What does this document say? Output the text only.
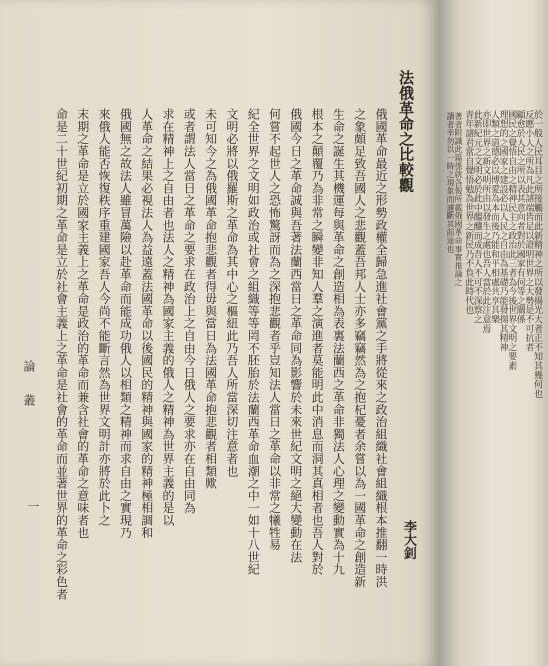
俄國革命最近之形勢政權全歸急進社會黨之手將從來之政治組織社會組織根本推翻一時洪
之象頗足致吾國人之悲觀蓋吾邦人士亦多竊竊然為之抱杞憂者余嘗以為一國革命之創造新
生命之誕生其機運每與革命之創造相為表裏法蘭西之革命非獨法人心理之變動實為十九
根本之顛覆乃為非常之瞬變非知人羣之演進者莫能明此中消息而洞其真相者也吾人對於
俄國今日之革命誠與吾著法蘭西當日之革命同為影響於未來世紀文明之絕大變動在法
何嘗不起世人之恐怖驚訝而為之深抱悲觀者乎豈知法人當日之革命以非常之犧牲易
紀全世界之文明如政治或社會之組織等等罔不胚胎於法蘭西革命血潮之中一如十八世紀
文明必將以俄羅斯之革命為其中心之樞紐此乃吾人所當深切注意者也
未可知今之為俄國革命抱悲觀者得毋與當日為法國革命抱悲觀者相類歟
或者謂法人當日之革命之要求在政治上之自由今日俄人之要求亦在自由同為
求在精神上之自由者也法人之精神為國家主義的俄人之精神為世界主義的是以
人革命之結果必視法人為益遠蓋法國革命以後國民的精神與國家的精神極相調和
俄國無之故法人雖冒萬險以赴革命而能成功俄人以相類之精神而求自由之實現乃
來俄人能否恢復秩序重建國家吾人今尚不能斷言然為世界文明計亦將於此卜之
末期之革命是立於國家主義上之革命是政治的革命而兼含社會的革命之意味者也
命是二十世紀初期之革命是立於社會主義上之革命是社會的革命而並著世界的革命之彩色者	法俄革命之比較觀
李大釗
論 叢
一
於一般人民耳目之所接觸而此新精神之所以發揚光大者正不知其幾何也
反應小人之所為凡此諸端皆足以證明世界之大勢是不可抗者
顧愈於人民之所以表其意向者對於國家有何等之關係
國民之覺悟自由之精神民主之政治此三者為今後世界文明之要素
理想的之國家之建設必以人民之自由為基礎乃能發揚其精神
人類之道德必以博愛為本而後乃能和平相處共享其樂
亦即世界之新文明所由以發生之處也吾人當於此注意焉
此新紀元之文明必於此中醞釀而成吾人不可不深察之
青年諸君當自覺悟勉為世界之新民乃不負此時代也
著者附識此篇係就各報所載俄國革命事實推論之
讀者幸勿以一時之現象而遽斷其前途也
